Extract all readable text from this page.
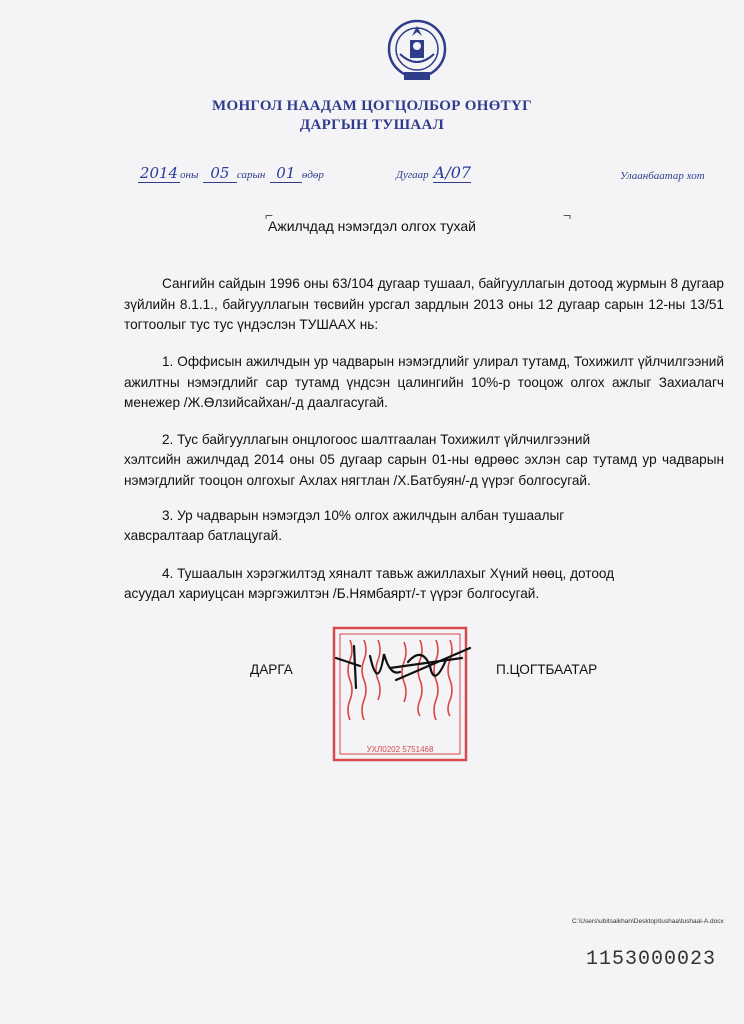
МОНГОЛ НААДАМ ЦОГЦОЛБОР ОНӨТҮГ
ДАРГЫН ТУШААЛ
2014 оны 05 сарын 01 өдөр	Дугаар А/07	Улаанбаатар хот
⌐	¬
Ажилчдад нэмэгдэл олгох тухай

Сангийн сайдын 1996 оны 63/104 дугаар тушаал, байгууллагын дотоод журмын 8 дугаар зүйлийн 8.1.1., байгууллагын төсвийн урсгал зардлын 2013 оны 12 дугаар сарын 12-ны 13/51 тогтоолыг тус тус үндэслэн ТУШААХ нь:

1. Оффисын ажилчдын ур чадварын нэмэгдлийг улирал тутамд, Тохижилт үйлчилгээний ажилтны нэмэгдлийг сар тутамд үндсэн цалингийн 10%-р тооцож олгох ажлыг Захиалагч менежер /Ж.Өлзийсайхан/-д даалгасугай.

2. Тус байгууллагын онцлогоос шалтгаалан Тохижилт үйлчилгээний

хэлтсийн ажилчдад 2014 оны 05 дугаар сарын 01-ны өдрөөс эхлэн сар тутамд ур чадварын нэмэгдлийг тооцон олгохыг Ахлах нягтлан /Х.Батбуян/-д үүрэг болгосугай.

3. Ур чадварын нэмэгдэл 10% олгох ажилчдын албан тушаалыг

хавсралтаар батлацугай.

4. Тушаалын хэрэгжилтэд хяналт тавьж ажиллахыг Хүний нөөц, дотоод

асуудал хариуцсан мэргэжилтэн /Б.Нямбаярт/-т үүрэг болгосугай.

ДАРГА	П.ЦОГТБААТАР
УХЛ0202 5751468
C:\Users\ubitsaikhan\Desktop\tushaa\tushaal-A.docx
1153000023
